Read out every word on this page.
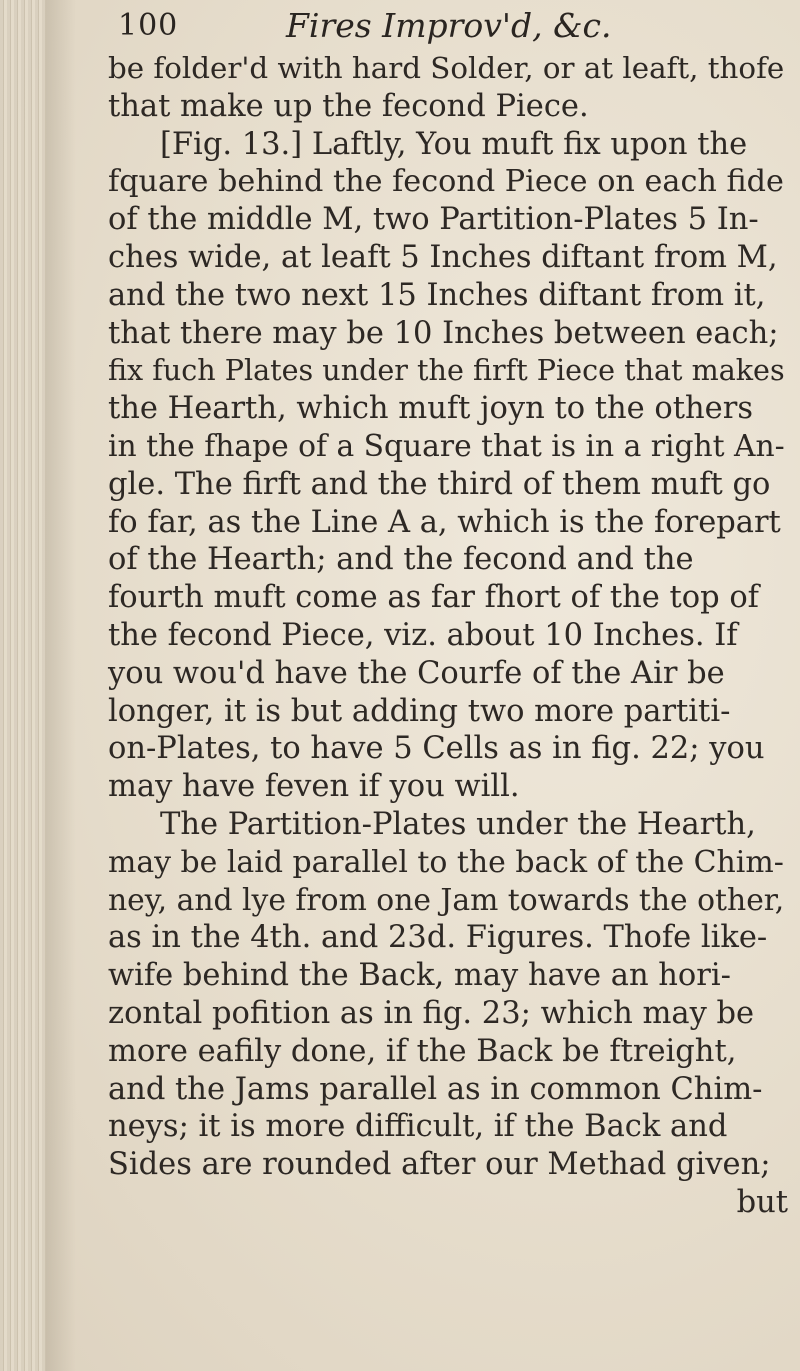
100	Fires Improv'd, &c.
be folder'd with hard Solder, or at leaft, thofe
that make up the fecond Piece.
[Fig. 13.] Laftly, You muft fix upon the
fquare behind the fecond Piece on each fide
of the middle M, two Partition-Plates 5 In-
ches wide, at leaft 5 Inches diftant from M,
and the two next 15 Inches diftant from it,
that there may be 10 Inches between each;
fix fuch Plates under the firft Piece that makes
the Hearth, which muft joyn to the others
in the fhape of a Square that is in a right An-
gle. The firft and the third of them muft go
fo far, as the Line A a, which is the forepart
of the Hearth; and the fecond and the
fourth muft come as far fhort of the top of
the fecond Piece, viz. about 10 Inches. If
you wou'd have the Courfe of the Air be
longer, it is but adding two more partiti-
on-Plates, to have 5 Cells as in fig. 22; you
may have feven if you will.
The Partition-Plates under the Hearth,
may be laid parallel to the back of the Chim-
ney, and lye from one Jam towards the other,
as in the 4th. and 23d. Figures. Thofe like-
wife behind the Back, may have an hori-
zontal pofition as in fig. 23; which may be
more eafily done, if the Back be ftreight,
and the Jams parallel as in common Chim-
neys; it is more difficult, if the Back and
Sides are rounded after our Methad given;
but
